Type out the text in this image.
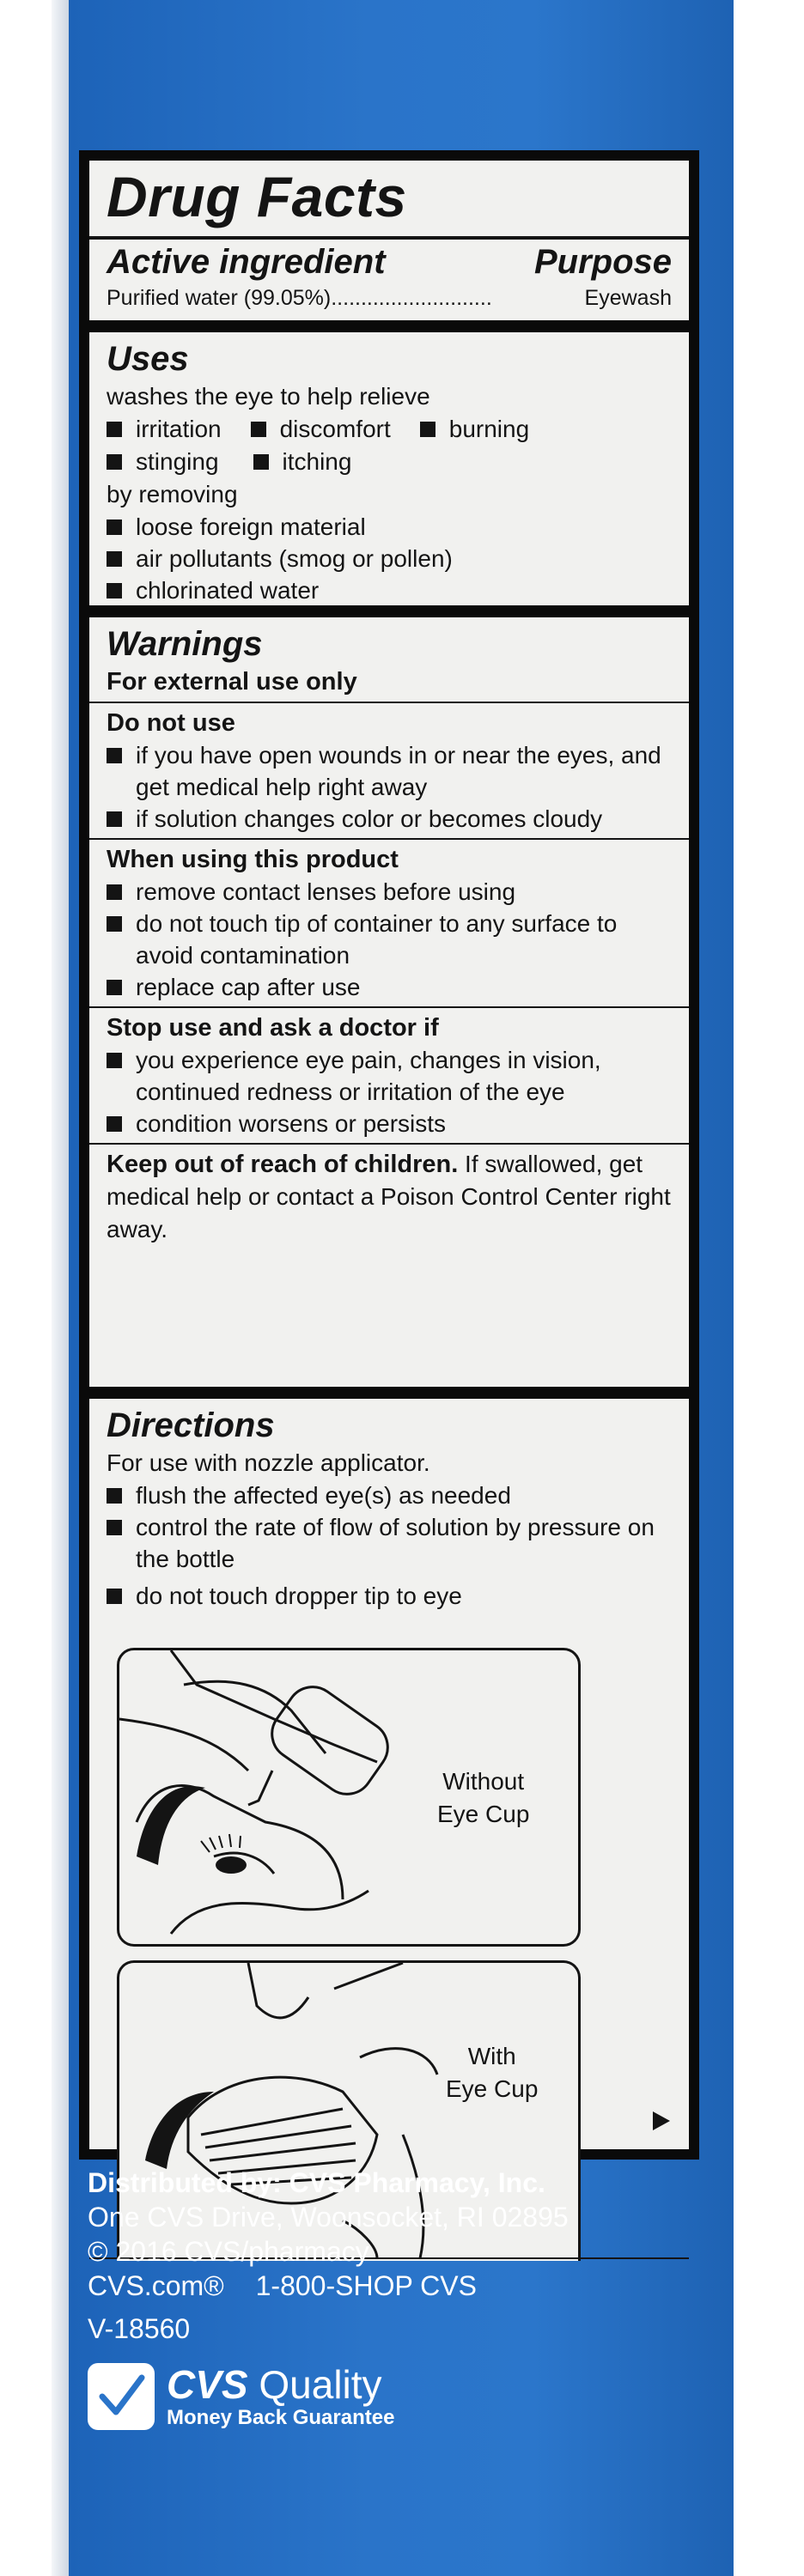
Drug Facts
Active ingredient	Purpose
Purified water (99.05%) ...........................	Eyewash
Uses
washes the eye to help relieve
irritation discomfort burning
stinging	itching
by removing
loose foreign material
air pollutants (smog or pollen)
chlorinated water
Warnings
For external use only
Do not use
if you have open wounds in or near the eyes, and get medical help right away
if solution changes color or becomes cloudy
When using this product
remove contact lenses before using
do not touch tip of container to any surface to avoid contamination
replace cap after use
Stop use and ask a doctor if
you experience eye pain, changes in vision, continued redness or irritation of the eye
condition worsens or persists
Keep out of reach of children. If swallowed, get medical help or contact a Poison Control Center right away.
Directions
For use with nozzle applicator.
flush the affected eye(s) as needed
control the rate of flow of solution by pressure on the bottle
do not touch dropper tip to eye
Without
Eye Cup
With
Eye Cup
Distributed by: CVS Pharmacy, Inc.
One CVS Drive, Woonsocket, RI 02895
© 2016 CVS/pharmacy
CVS.com® 1-800-SHOP CVS
V-18560
CVS Quality
Money Back Guarantee
